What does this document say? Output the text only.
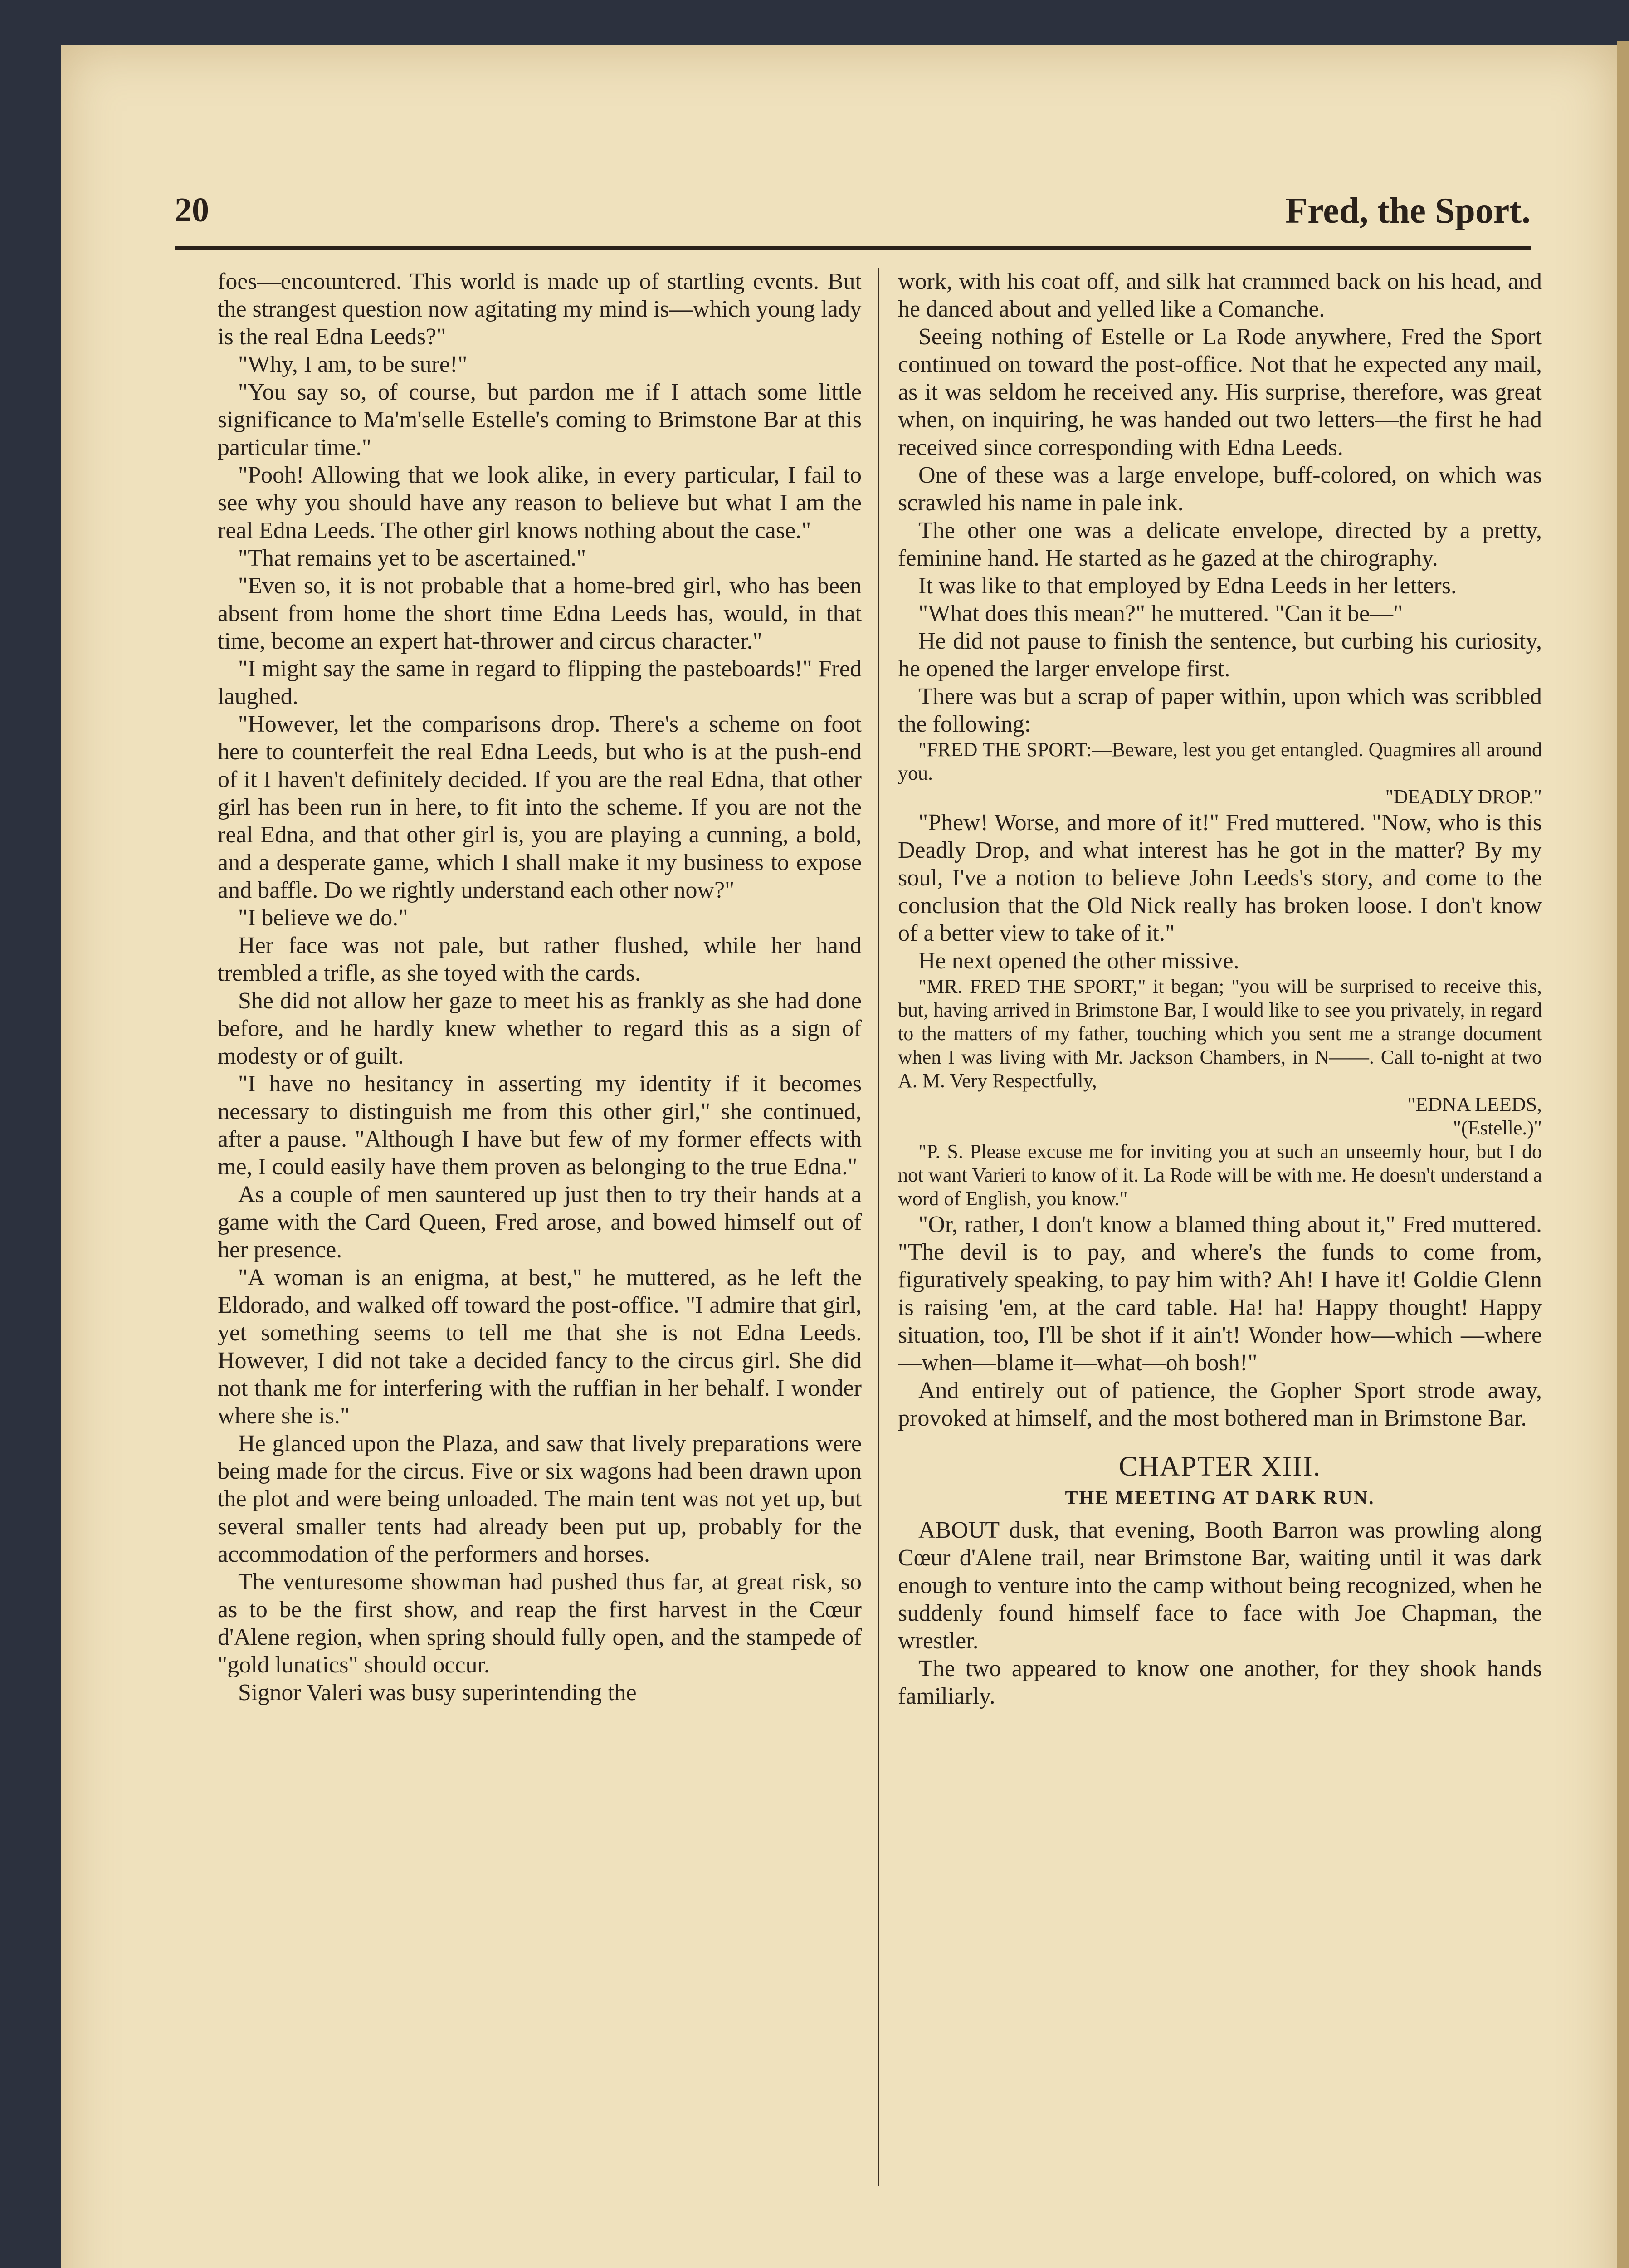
20	Fred, the Sport.

foes—encountered. This world is made up of startling events. But the strangest question now agitating my mind is—which young lady is the real Edna Leeds?"

"Why, I am, to be sure!"

"You say so, of course, but pardon me if I attach some little significance to Ma'm'selle Estelle's coming to Brimstone Bar at this particular time."

"Pooh! Allowing that we look alike, in every particular, I fail to see why you should have any reason to believe but what I am the real Edna Leeds. The other girl knows nothing about the case."

"That remains yet to be ascertained."

"Even so, it is not probable that a home-bred girl, who has been absent from home the short time Edna Leeds has, would, in that time, become an expert hat-thrower and circus character."

"I might say the same in regard to flipping the pasteboards!" Fred laughed.

"However, let the comparisons drop. There's a scheme on foot here to counterfeit the real Edna Leeds, but who is at the push-end of it I haven't definitely decided. If you are the real Edna, that other girl has been run in here, to fit into the scheme. If you are not the real Edna, and that other girl is, you are playing a cunning, a bold, and a desperate game, which I shall make it my business to expose and baffle. Do we rightly understand each other now?"

"I believe we do."

Her face was not pale, but rather flushed, while her hand trembled a trifle, as she toyed with the cards.

She did not allow her gaze to meet his as frankly as she had done before, and he hardly knew whether to regard this as a sign of modesty or of guilt.

"I have no hesitancy in asserting my identity if it becomes necessary to distinguish me from this other girl," she continued, after a pause. "Although I have but few of my former effects with me, I could easily have them proven as belonging to the true Edna."

As a couple of men sauntered up just then to try their hands at a game with the Card Queen, Fred arose, and bowed himself out of her presence.

"A woman is an enigma, at best," he muttered, as he left the Eldorado, and walked off toward the post-office. "I admire that girl, yet something seems to tell me that she is not Edna Leeds. However, I did not take a decided fancy to the circus girl. She did not thank me for interfering with the ruffian in her behalf. I wonder where she is."

He glanced upon the Plaza, and saw that lively preparations were being made for the circus. Five or six wagons had been drawn upon the plot and were being unloaded. The main tent was not yet up, but several smaller tents had already been put up, probably for the accommodation of the performers and horses.

The venturesome showman had pushed thus far, at great risk, so as to be the first show, and reap the first harvest in the Cœur d'Alene region, when spring should fully open, and the stampede of "gold lunatics" should occur.

Signor Valeri was busy superintending the

work, with his coat off, and silk hat crammed back on his head, and he danced about and yelled like a Comanche.

Seeing nothing of Estelle or La Rode anywhere, Fred the Sport continued on toward the post-office. Not that he expected any mail, as it was seldom he received any. His surprise, therefore, was great when, on inquiring, he was handed out two letters—the first he had received since corresponding with Edna Leeds.

One of these was a large envelope, buff-colored, on which was scrawled his name in pale ink.

The other one was a delicate envelope, directed by a pretty, feminine hand. He started as he gazed at the chirography.

It was like to that employed by Edna Leeds in her letters.

"What does this mean?" he muttered. "Can it be—"

He did not pause to finish the sentence, but curbing his curiosity, he opened the larger envelope first.

There was but a scrap of paper within, upon which was scribbled the following:

"FRED THE SPORT:—Beware, lest you get entangled. Quagmires all around you.

"DEADLY DROP."

"Phew! Worse, and more of it!" Fred muttered. "Now, who is this Deadly Drop, and what interest has he got in the matter? By my soul, I've a notion to believe John Leeds's story, and come to the conclusion that the Old Nick really has broken loose. I don't know of a better view to take of it."

He next opened the other missive.

"MR. FRED THE SPORT," it began; "you will be surprised to receive this, but, having arrived in Brimstone Bar, I would like to see you privately, in regard to the matters of my father, touching which you sent me a strange document when I was living with Mr. Jackson Chambers, in N——. Call to-night at two A. M. Very Respectfully,

"EDNA LEEDS,

"(Estelle.)"

"P. S. Please excuse me for inviting you at such an unseemly hour, but I do not want Varieri to know of it. La Rode will be with me. He doesn't understand a word of English, you know."

"Or, rather, I don't know a blamed thing about it," Fred muttered. "The devil is to pay, and where's the funds to come from, figuratively speaking, to pay him with? Ah! I have it! Goldie Glenn is raising 'em, at the card table. Ha! ha! Happy thought! Happy situation, too, I'll be shot if it ain't! Wonder how—which —where—when—blame it—what—oh bosh!"

And entirely out of patience, the Gopher Sport strode away, provoked at himself, and the most bothered man in Brimstone Bar.

CHAPTER XIII.
THE MEETING AT DARK RUN.

ABOUT dusk, that evening, Booth Barron was prowling along Cœur d'Alene trail, near Brimstone Bar, waiting until it was dark enough to venture into the camp without being recognized, when he suddenly found himself face to face with Joe Chapman, the wrestler.

The two appeared to know one another, for they shook hands familiarly.
